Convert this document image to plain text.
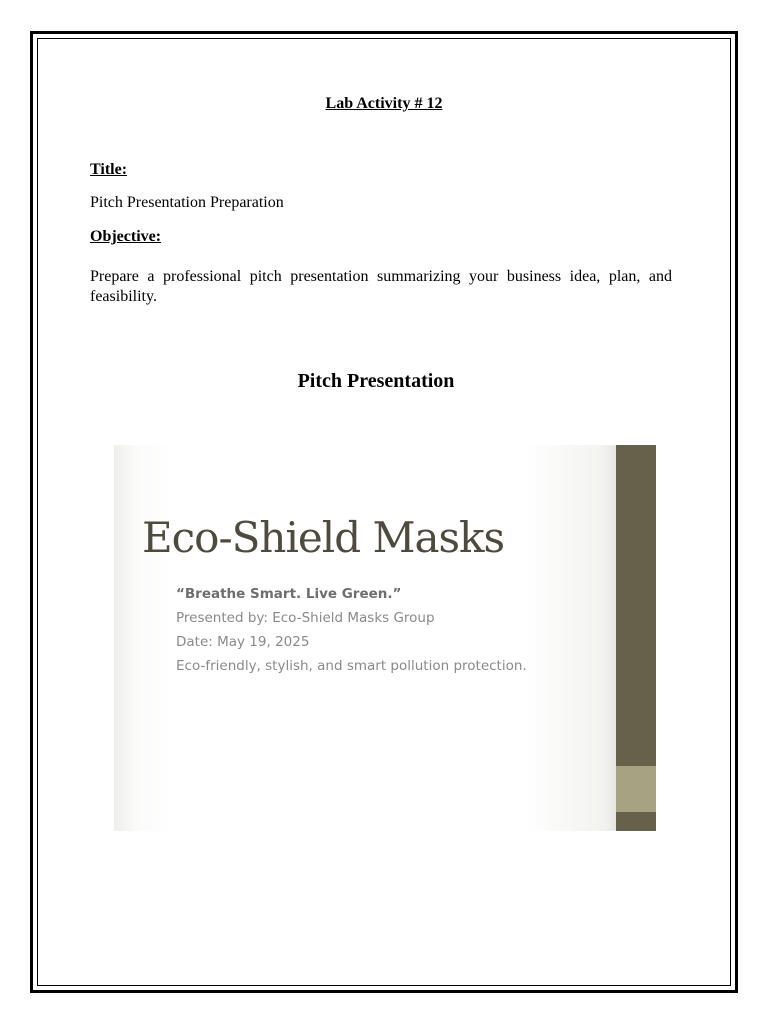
Lab Activity # 12
Title:
Pitch Presentation Preparation
Objective:
Prepare a professional pitch presentation summarizing your business idea, plan, and feasibility.
Pitch Presentation
Eco-Shield Masks
“Breathe Smart. Live Green.”
Presented by: Eco-Shield Masks Group
Date: May 19, 2025
Eco-friendly, stylish, and smart pollution protection.
